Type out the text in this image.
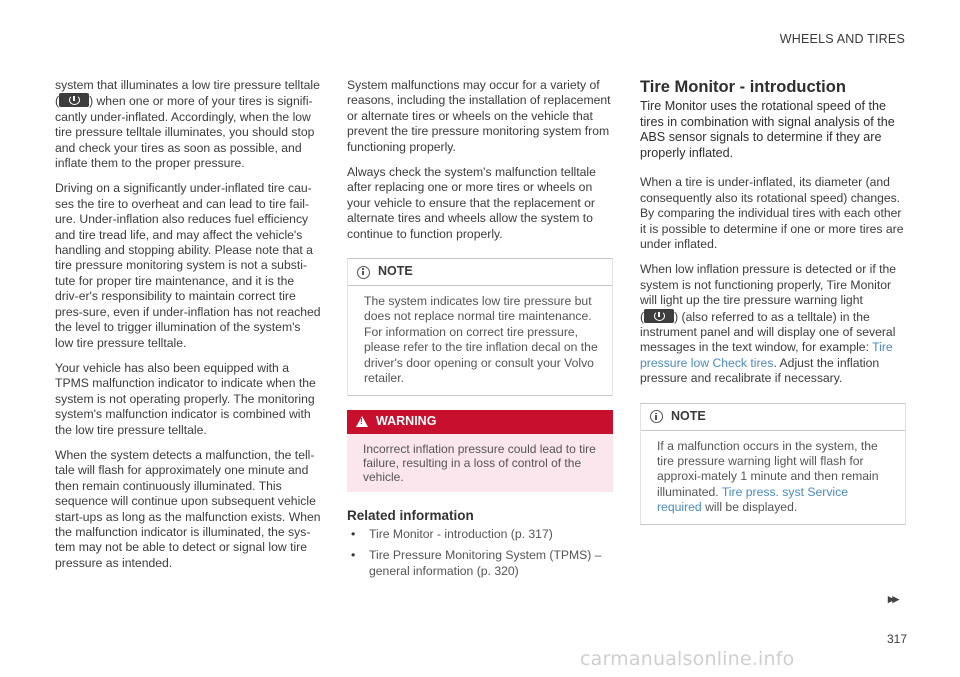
WHEELS AND TIRES

system that illuminates a low tire pressure telltale
( ) when one or more of your tires is signifi-cantly under-inflated. Accordingly, when the low tire pressure telltale illuminates, you should stop and check your tires as soon as possible, and inflate them to the proper pressure.

Driving on a significantly under-inflated tire cau-ses the tire to overheat and can lead to tire fail-ure. Under-inflation also reduces fuel efficiency and tire tread life, and may affect the vehicle's handling and stopping ability. Please note that a tire pressure monitoring system is not a substi-tute for proper tire maintenance, and it is the driv-er's responsibility to maintain correct tire pres-sure, even if under-inflation has not reached the level to trigger illumination of the system's low tire pressure telltale.

Your vehicle has also been equipped with a TPMS malfunction indicator to indicate when the system is not operating properly. The monitoring system's malfunction indicator is combined with the low tire pressure telltale.

When the system detects a malfunction, the tell-tale will flash for approximately one minute and then remain continuously illuminated. This sequence will continue upon subsequent vehicle start-ups as long as the malfunction exists. When the malfunction indicator is illuminated, the sys-tem may not be able to detect or signal low tire pressure as intended.

System malfunctions may occur for a variety of reasons, including the installation of replacement or alternate tires or wheels on the vehicle that prevent the tire pressure monitoring system from functioning properly.

Always check the system's malfunction telltale after replacing one or more tires or wheels on your vehicle to ensure that the replacement or alternate tires and wheels allow the system to continue to function properly.

NOTE
The system indicates low tire pressure but does not replace normal tire maintenance. For information on correct tire pressure, please refer to the tire inflation decal on the driver's door opening or consult your Volvo retailer.
!
WARNING
Incorrect inflation pressure could lead to tire failure, resulting in a loss of control of the vehicle.
Related information
• Tire Monitor - introduction (p. 317)
• Tire Pressure Monitoring System (TPMS) – general information (p. 320)
Tire Monitor - introduction

Tire Monitor uses the rotational speed of the tires in combination with signal analysis of the ABS sensor signals to determine if they are properly inflated.

When a tire is under-inflated, its diameter (and consequently also its rotational speed) changes. By comparing the individual tires with each other it is possible to determine if one or more tires are under inflated.

When low inflation pressure is detected or if the system is not functioning properly, Tire Monitor will light up the tire pressure warning light
( ) (also referred to as a telltale) in the instrument panel and will display one of several messages in the text window, for example: Tire pressure low Check tires. Adjust the inflation pressure and recalibrate if necessary.

NOTE
If a malfunction occurs in the system, the tire pressure warning light will flash for approxi-mately 1 minute and then remain illuminated. Tire press. syst Service required will be displayed.
▸▸
317
carmanualsonline.info
